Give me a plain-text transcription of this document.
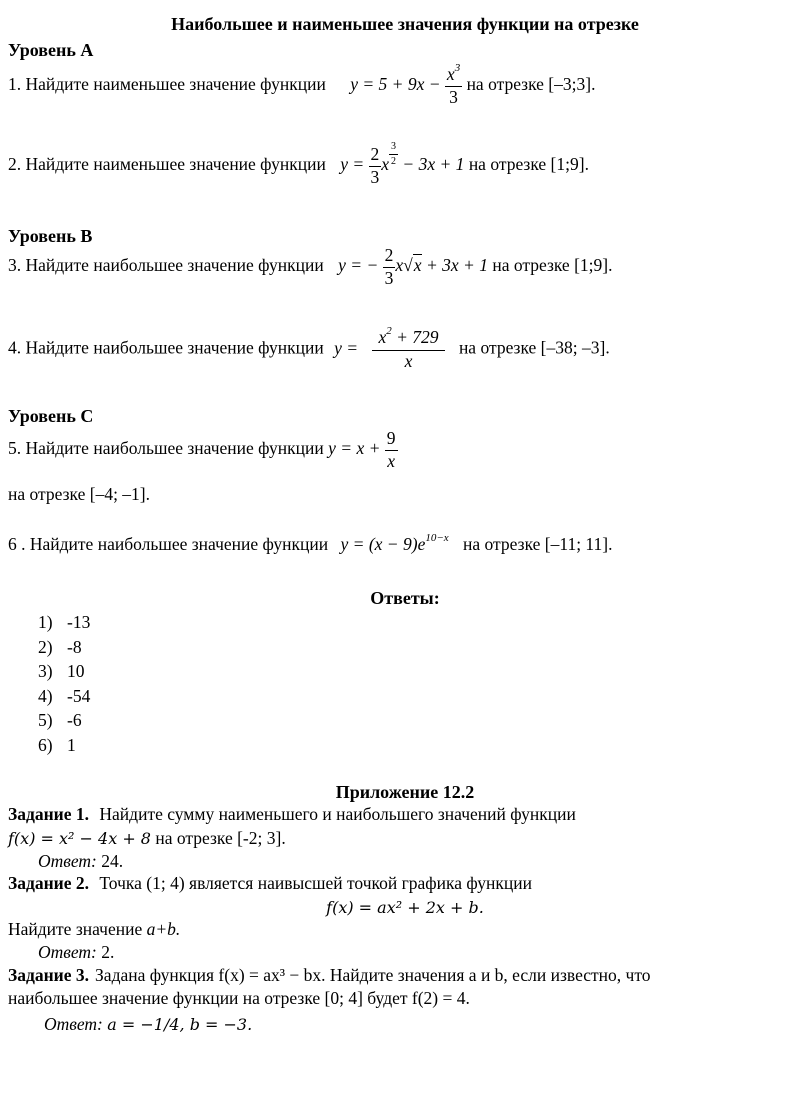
Наибольшее и наименьшее значения функции на отрезке
Уровень А
1. Найдите наименьшее значение функции $y = 5 + 9x - \frac{x^3}{3}$ на отрезке [–3;3].
2. Найдите наименьшее значение функции $y = \frac{2}{3}$ x $\frac{3}{2} - 3x + 1$ на отрезке [1;9].
Уровень В
3. Найдите наибольшее значение функции y = − $\frac{2}{3} x√x + 3x + 1$ на отрезке [1;9].
4. Найдите наибольшее значение функции $y = \frac{x^2 + 729}{x}$ на отрезке [–38; –3].
Уровень С
5. Найдите наибольшее значение функции $y = x + \frac{9}{x}$
на отрезке [–4; –1].
6 . Найдите наибольшее значение функции $y = (x - 9)e^{10-x}$ на отрезке [–11; 11].
Ответы:
1) -13
2) -8
3) 10
4) -54
5) -6
6) 1
Приложение 12.2
Задание 1. Найдите сумму наименьшего и наибольшего значений функции
f(x) = x² − 4x + 8 на отрезке [-2; 3].
Ответ: 24.
Задание 2. Точка (1; 4) является наивысшей точкой графика функции
f(x) = ax² + 2x + b.
Найдите значение a+b.
Ответ: 2.
Задание 3. Задана функция f(x) = ax³ − bx. Найдите значения a и b, если известно, что
наибольшее значение функции на отрезке [0; 4] будет f(2) = 4.
Ответ: a = −1/4, b = −3.
